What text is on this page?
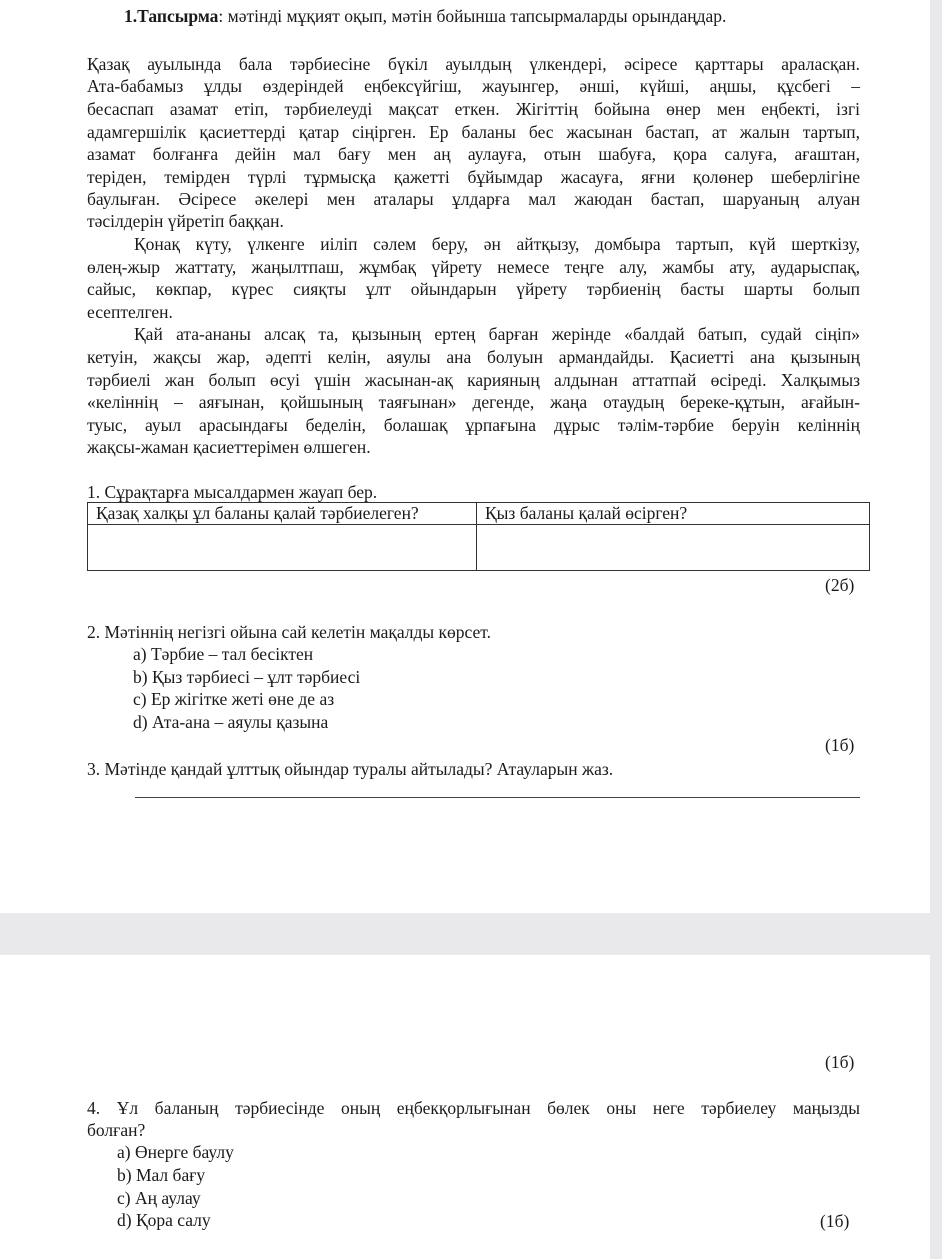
1.Тапсырма: мәтінді мұқият оқып, мәтін бойынша тапсырмаларды орындаңдар.
Қазақ ауылында бала тәрбиесіне бүкіл ауылдың үлкендері, әсіресе қарттары араласқан.
Ата-бабамыз ұлды өздеріндей еңбексүйгіш, жауынгер, әнші, күйші, аңшы, құсбегі –
бесаспап азамат етіп, тәрбиелеуді мақсат еткен. Жігіттің бойына өнер мен еңбекті, ізгі
адамгершілік қасиеттерді қатар сіңірген. Ер баланы бес жасынан бастап, ат жалын тартып,
азамат болғанға дейін мал бағу мен аң аулауға, отын шабуға, қора салуға, ағаштан,
теріден, темірден түрлі тұрмысқа қажетті бұйымдар жасауға, яғни қолөнер шеберлігіне
баулыған. Әсіресе әкелері мен аталары ұлдарға мал жаюдан бастап, шаруаның алуан
тәсілдерін үйретіп баққан.
Қонақ күту, үлкенге иіліп сәлем беру, ән айтқызу, домбыра тартып, күй шерткізу,
өлең-жыр жаттату, жаңылтпаш, жұмбақ үйрету немесе теңге алу, жамбы ату, аударыспақ,
сайыс, көкпар, күрес сияқты ұлт ойындарын үйрету тәрбиенің басты шарты болып
есептелген.
Қай ата-ананы алсақ та, қызының ертең барған жерінде «балдай батып, судай сіңіп»
кетуін, жақсы жар, әдепті келін, аяулы ана болуын армандайды. Қасиетті ана қызының
тәрбиелі жан болып өсуі үшін жасынан-ақ карияның алдынан аттатпай өсіреді. Халқымыз
«келіннің – аяғынан, қойшының таяғынан» дегенде, жаңа отаудың береке-құтын, ағайын-
туыс, ауыл арасындағы беделін, болашақ ұрпағына дұрыс тәлім-тәрбие беруін келіннің
жақсы-жаман қасиеттерімен өлшеген.
1. Сұрақтарға мысалдармен жауап бер.
Қазақ халқы ұл баланы қалай тәрбиелеген?	Қыз баланы қалай өсірген?

(2б)
2. Мәтіннің негізгі ойына сай келетін мақалды көрсет.
a) Тәрбие – тал бесіктен
b) Қыз тәрбиесі – ұлт тәрбиесі
c) Ер жігітке жеті өне де аз
d) Ата-ана – аяулы қазына
(1б)
3. Мәтінде қандай ұлттық ойындар туралы айтылады? Атауларын жаз.
(1б)
4. Ұл баланың тәрбиесінде оның еңбекқорлығынан бөлек оны неге тәрбиелеу маңызды
болған?
a) Өнерге баулу
b) Мал бағу
c) Аң аулау
d) Қора салу	(1б)
